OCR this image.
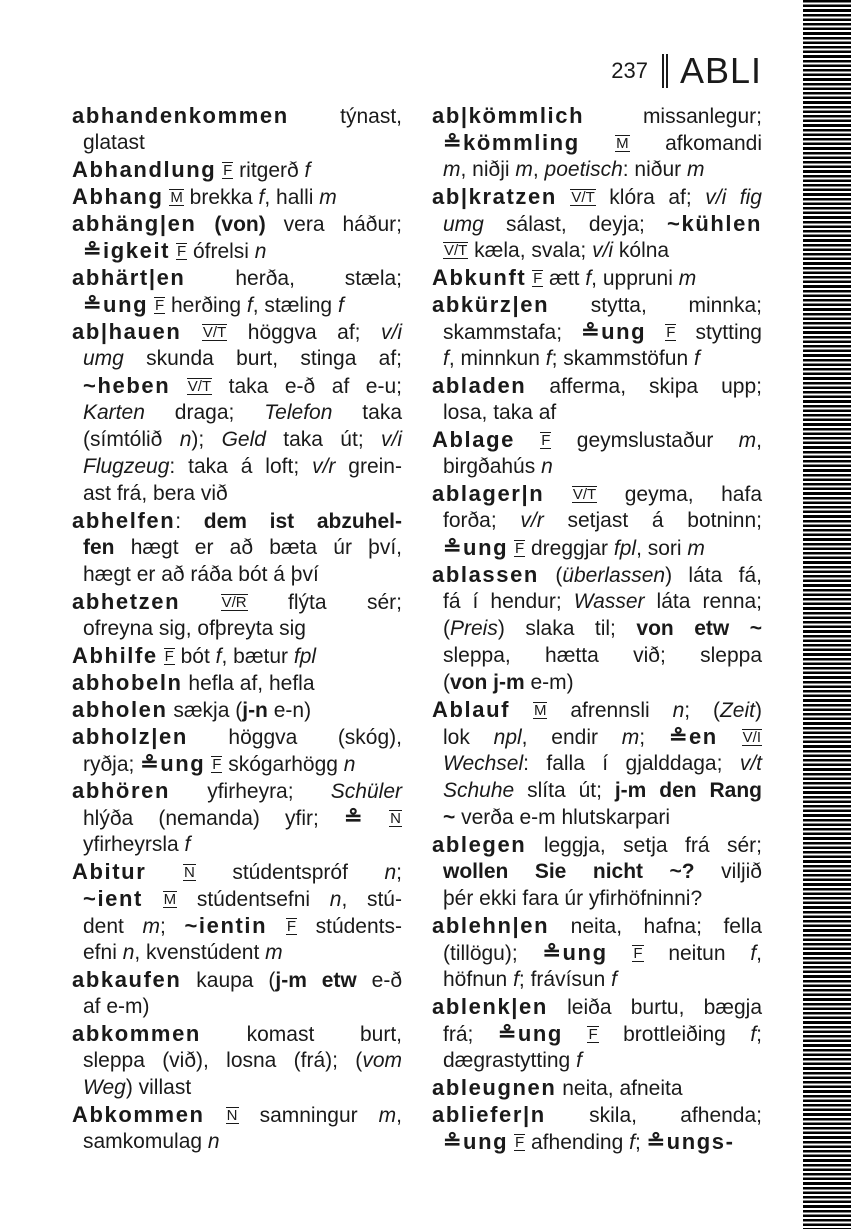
237 ABLI
abhandenkommen týnast,
glatast
Abhandlung F ritgerð f
Abhang M brekka f, halli m
abhäng|en (von) vera háður;
≗igkeit F ófrelsi n
abhärt|en herða, stæla;
≗ung F herðing f, stæling f
ab|hauen V/T höggva af; v/i
umg skunda burt, stinga af;
~heben V/T taka e-ð af e-u;
Karten draga; Telefon taka
(símtólið n); Geld taka út; v/i
Flugzeug: taka á loft; v/r grein-
ast frá, bera við
abhelfen: dem ist abzuhel-
fen hægt er að bæta úr því,
hægt er að ráða bót á því
abhetzen	V/R flýta sér;
ofreyna sig, ofþreyta sig
Abhilfe F bót f, bætur fpl
abhobeln hefla af, hefla
abholen sækja (j-n e-n)
abholz|en höggva (skóg),
ryðja; ≗ung F skógarhögg n
abhören yfirheyra; Schüler
hlýða (nemanda) yfir; ≗ N
yfirheyrsla f
Abitur	N stúdentspróf n;
~ient M stúdentsefni n, stú-
dent m; ~ientin F stúdents-
efni n, kvenstúdent m
abkaufen kaupa (j-m etw e-ð
af e-m)
abkommen komast burt,
sleppa (við), losna (frá); (vom
Weg) villast
Abkommen N samningur m,
samkomulag n
ab|kömmlich missanlegur;
≗kömmling M afkomandi
m, niðji m, poetisch: niður m
ab|kratzen V/T klóra af; v/i fig
umg sálast, deyja; ~kühlen
V/T kæla, svala; v/i kólna
Abkunft F ætt f, uppruni m
abkürz|en stytta, minnka;
skammstafa; ≗ung F stytting
f, minnkun f; skammstöfun f
abladen afferma, skipa upp;
losa, taka af
Ablage F geymslustaður m,
birgðahús n
ablager|n V/T geyma, hafa
forða; v/r setjast á botninn;
≗ung F dreggjar fpl, sori m
ablassen (überlassen) láta fá,
fá í hendur; Wasser láta renna;
(Preis) slaka til; von etw ~
sleppa, hætta við; sleppa
(von j-m e-m)
Ablauf M afrennsli n; (Zeit)
lok npl, endir m; ≗en V/I
Wechsel: falla í gjalddaga; v/t
Schuhe slíta út; j-m den Rang
~ verða e-m hlutskarpari
ablegen leggja, setja frá sér;
wollen Sie nicht ~? viljið
þér ekki fara úr yfirhöfninni?
ablehn|en neita, hafna; fella
(tillögu); ≗ung F neitun f,
höfnun f; frávísun f
ablenk|en leiða burtu, bægja
frá; ≗ung F brottleiðing f;
dægrastytting f
ableugnen neita, afneita
abliefer|n skila, afhenda;
≗ung F afhending f; ≗ungs-
